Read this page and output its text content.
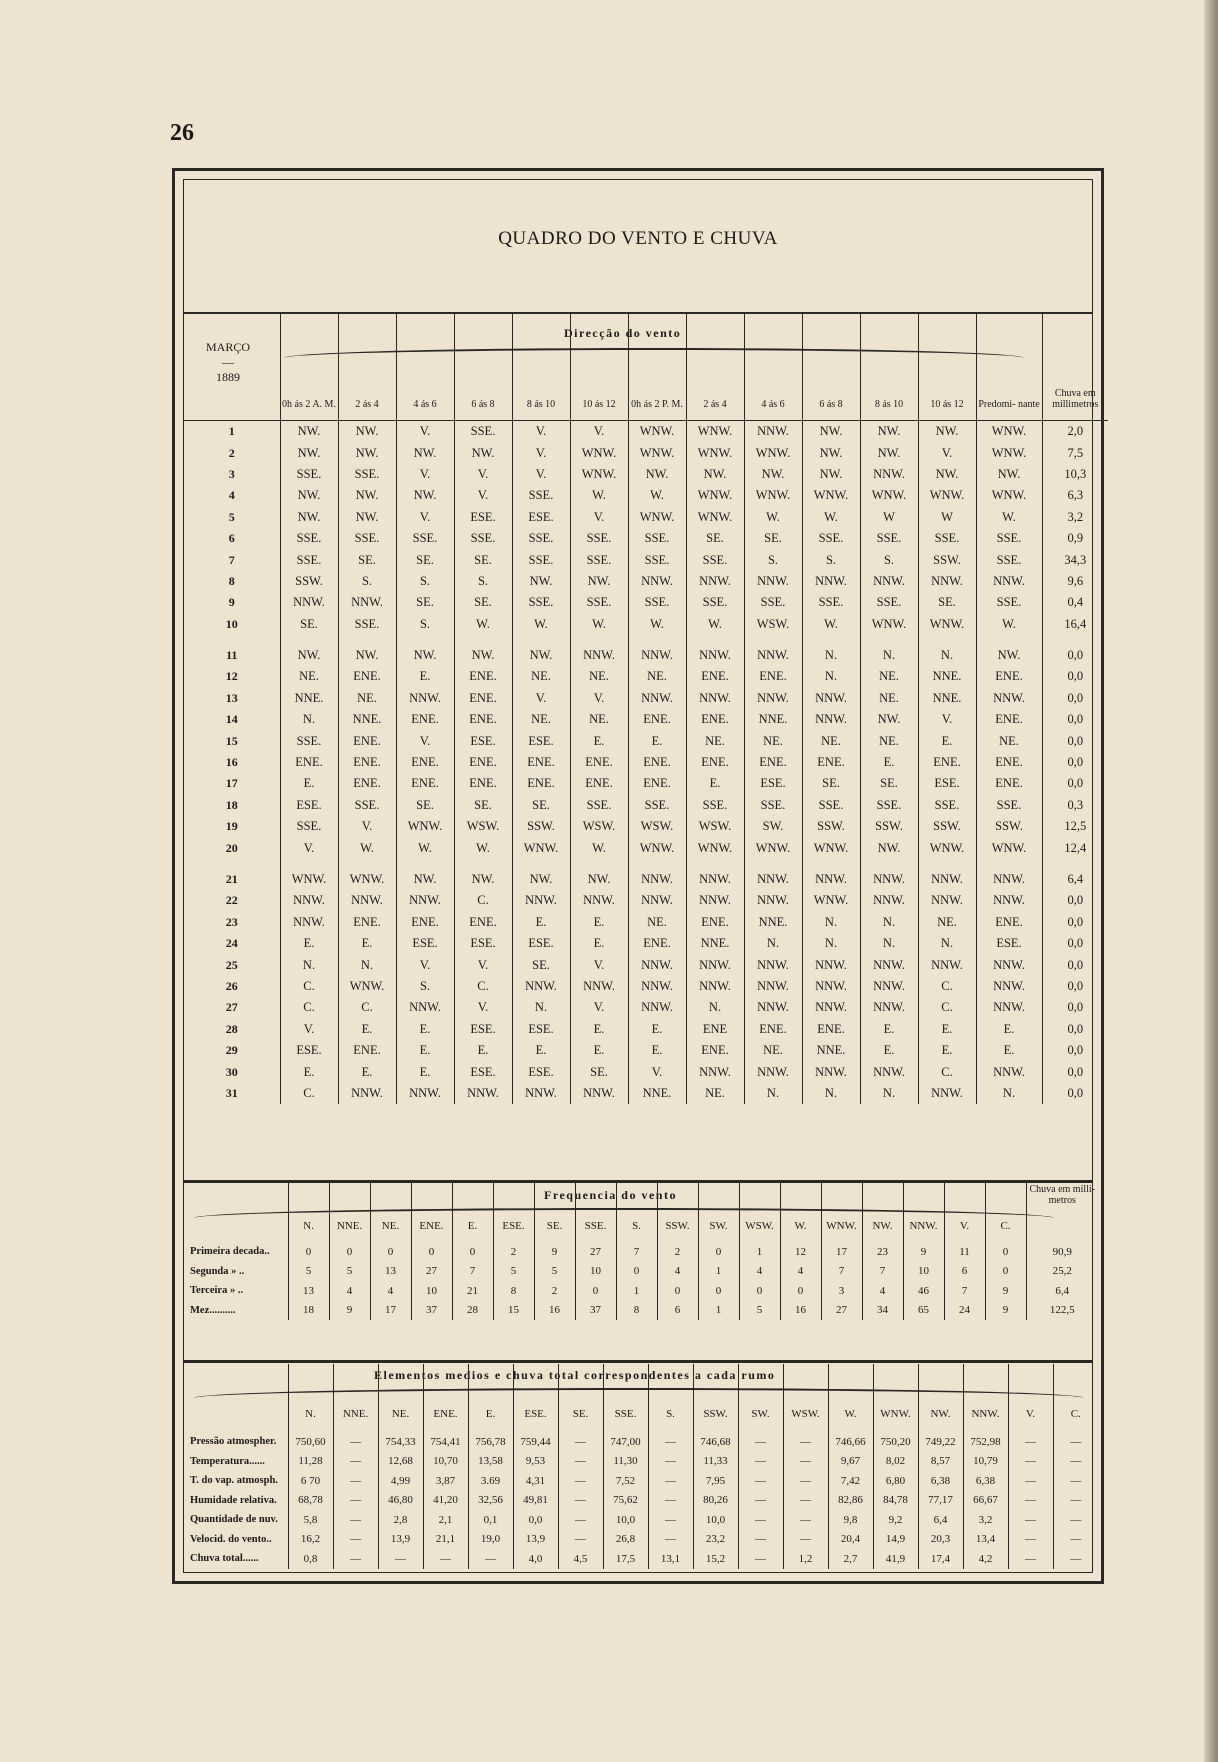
26
QUADRO DO VENTO E CHUVA
MARÇO
—
1889
Direcção do vento
	0h ás 2 A. M.	2 ás 4	4 ás 6	6 ás 8	8 ás 10	10 ás 12	0h ás 2 P. M.	2 ás 4	4 ás 6	6 ás 8	8 ás 10	10 ás 12	Predomi- nante	Chuva em millimetros
1	NW.	NW.	V.	SSE.	V.	V.	WNW.	WNW.	NNW.	NW.	NW.	NW.	WNW.	2,0
2	NW.	NW.	NW.	NW.	V.	WNW.	WNW.	WNW.	WNW.	NW.	NW.	V.	WNW.	7,5
3	SSE.	SSE.	V.	V.	V.	WNW.	NW.	NW.	NW.	NW.	NNW.	NW.	NW.	10,3
4	NW.	NW.	NW.	V.	SSE.	W.	W.	WNW.	WNW.	WNW.	WNW.	WNW.	WNW.	6,3
5	NW.	NW.	V.	ESE.	ESE.	V.	WNW.	WNW.	W.	W.	W	W	W.	3,2
6	SSE.	SSE.	SSE.	SSE.	SSE.	SSE.	SSE.	SE.	SE.	SSE.	SSE.	SSE.	SSE.	0,9
7	SSE.	SE.	SE.	SE.	SSE.	SSE.	SSE.	SSE.	S.	S.	S.	SSW.	SSE.	34,3
8	SSW.	S.	S.	S.	NW.	NW.	NNW.	NNW.	NNW.	NNW.	NNW.	NNW.	NNW.	9,6
9	NNW.	NNW.	SE.	SE.	SSE.	SSE.	SSE.	SSE.	SSE.	SSE.	SSE.	SE.	SSE.	0,4
10	SE.	SSE.	S.	W.	W.	W.	W.	W.	WSW.	W.	WNW.	WNW.	W.	16,4

11	NW.	NW.	NW.	NW.	NW.	NNW.	NNW.	NNW.	NNW.	N.	N.	N.	NW.	0,0
12	NE.	ENE.	E.	ENE.	NE.	NE.	NE.	ENE.	ENE.	N.	NE.	NNE.	ENE.	0,0
13	NNE.	NE.	NNW.	ENE.	V.	V.	NNW.	NNW.	NNW.	NNW.	NE.	NNE.	NNW.	0,0
14	N.	NNE.	ENE.	ENE.	NE.	NE.	ENE.	ENE.	NNE.	NNW.	NW.	V.	ENE.	0,0
15	SSE.	ENE.	V.	ESE.	ESE.	E.	E.	NE.	NE.	NE.	NE.	E.	NE.	0,0
16	ENE.	ENE.	ENE.	ENE.	ENE.	ENE.	ENE.	ENE.	ENE.	ENE.	E.	ENE.	ENE.	0,0
17	E.	ENE.	ENE.	ENE.	ENE.	ENE.	ENE.	E.	ESE.	SE.	SE.	ESE.	ENE.	0,0
18	ESE.	SSE.	SE.	SE.	SE.	SSE.	SSE.	SSE.	SSE.	SSE.	SSE.	SSE.	SSE.	0,3
19	SSE.	V.	WNW.	WSW.	SSW.	WSW.	WSW.	WSW.	SW.	SSW.	SSW.	SSW.	SSW.	12,5
20	V.	W.	W.	W.	WNW.	W.	WNW.	WNW.	WNW.	WNW.	NW.	WNW.	WNW.	12,4

21	WNW.	WNW.	NW.	NW.	NW.	NW.	NNW.	NNW.	NNW.	NNW.	NNW.	NNW.	NNW.	6,4
22	NNW.	NNW.	NNW.	C.	NNW.	NNW.	NNW.	NNW.	NNW.	WNW.	NNW.	NNW.	NNW.	0,0
23	NNW.	ENE.	ENE.	ENE.	E.	E.	NE.	ENE.	NNE.	N.	N.	NE.	ENE.	0,0
24	E.	E.	ESE.	ESE.	ESE.	E.	ENE.	NNE.	N.	N.	N.	N.	ESE.	0,0
25	N.	N.	V.	V.	SE.	V.	NNW.	NNW.	NNW.	NNW.	NNW.	NNW.	NNW.	0,0
26	C.	WNW.	S.	C.	NNW.	NNW.	NNW.	NNW.	NNW.	NNW.	NNW.	C.	NNW.	0,0
27	C.	C.	NNW.	V.	N.	V.	NNW.	N.	NNW.	NNW.	NNW.	C.	NNW.	0,0
28	V.	E.	E.	ESE.	ESE.	E.	E.	ENE	ENE.	ENE.	E.	E.	E.	0,0
29	ESE.	ENE.	E.	E.	E.	E.	E.	ENE.	NE.	NNE.	E.	E.	E.	0,0
30	E.	E.	E.	ESE.	ESE.	SE.	V.	NNW.	NNW.	NNW.	NNW.	C.	NNW.	0,0
31	C.	NNW.	NNW.	NNW.	NNW.	NNW.	NNE.	NE.	N.	N.	N.	NNW.	N.	0,0
Frequencia do vento
	N.	NNE.	NE.	ENE.	E.	ESE.	SE.	SSE.	S.	SSW.	SW.	WSW.	W.	WNW.	NW.	NNW.	V.	C.	Chuva em milli- metros
Primeira decada..	0	0	0	0	0	2	9	27	7	2	0	1	12	17	23	9	11	0	90,9
Segunda » ..	5	5	13	27	7	5	5	10	0	4	1	4	4	7	7	10	6	0	25,2
Terceira » ..	13	4	4	10	21	8	2	0	1	0	0	0	0	3	4	46	7	9	6,4
Mez..........	18	9	17	37	28	15	16	37	8	6	1	5	16	27	34	65	24	9	122,5
Elementos medios e chuva total correspondentes a cada rumo
	N.	NNE.	NE.	ENE.	E.	ESE.	SE.	SSE.	S.	SSW.	SW.	WSW.	W.	WNW.	NW.	NNW.	V.	C.
Pressão atmospher.	750,60	—	754,33	754,41	756,78	759,44	—	747,00	—	746,68	—	—	746,66	750,20	749,22	752,98	—	—
Temperatura......	11,28	—	12,68	10,70	13,58	9,53	—	11,30	—	11,33	—	—	9,67	8,02	8,57	10,79	—	—
T. do vap. atmosph.	6 70	—	4,99	3,87	3.69	4,31	—	7,52	—	7,95	—	—	7,42	6,80	6,38	6,38	—	—
Humidade relativa.	68,78	—	46,80	41,20	32,56	49,81	—	75,62	—	80,26	—	—	82,86	84,78	77,17	66,67	—	—
Quantidade de nuv.	5,8	—	2,8	2,1	0,1	0,0	—	10,0	—	10,0	—	—	9,8	9,2	6,4	3,2	—	—
Velocid. do vento..	16,2	—	13,9	21,1	19,0	13,9	—	26,8	—	23,2	—	—	20,4	14,9	20,3	13,4	—	—
Chuva total......	0,8	—	—	—	—	4,0	4,5	17,5	13,1	15,2	—	1,2	2,7	41,9	17,4	4,2	—	—
